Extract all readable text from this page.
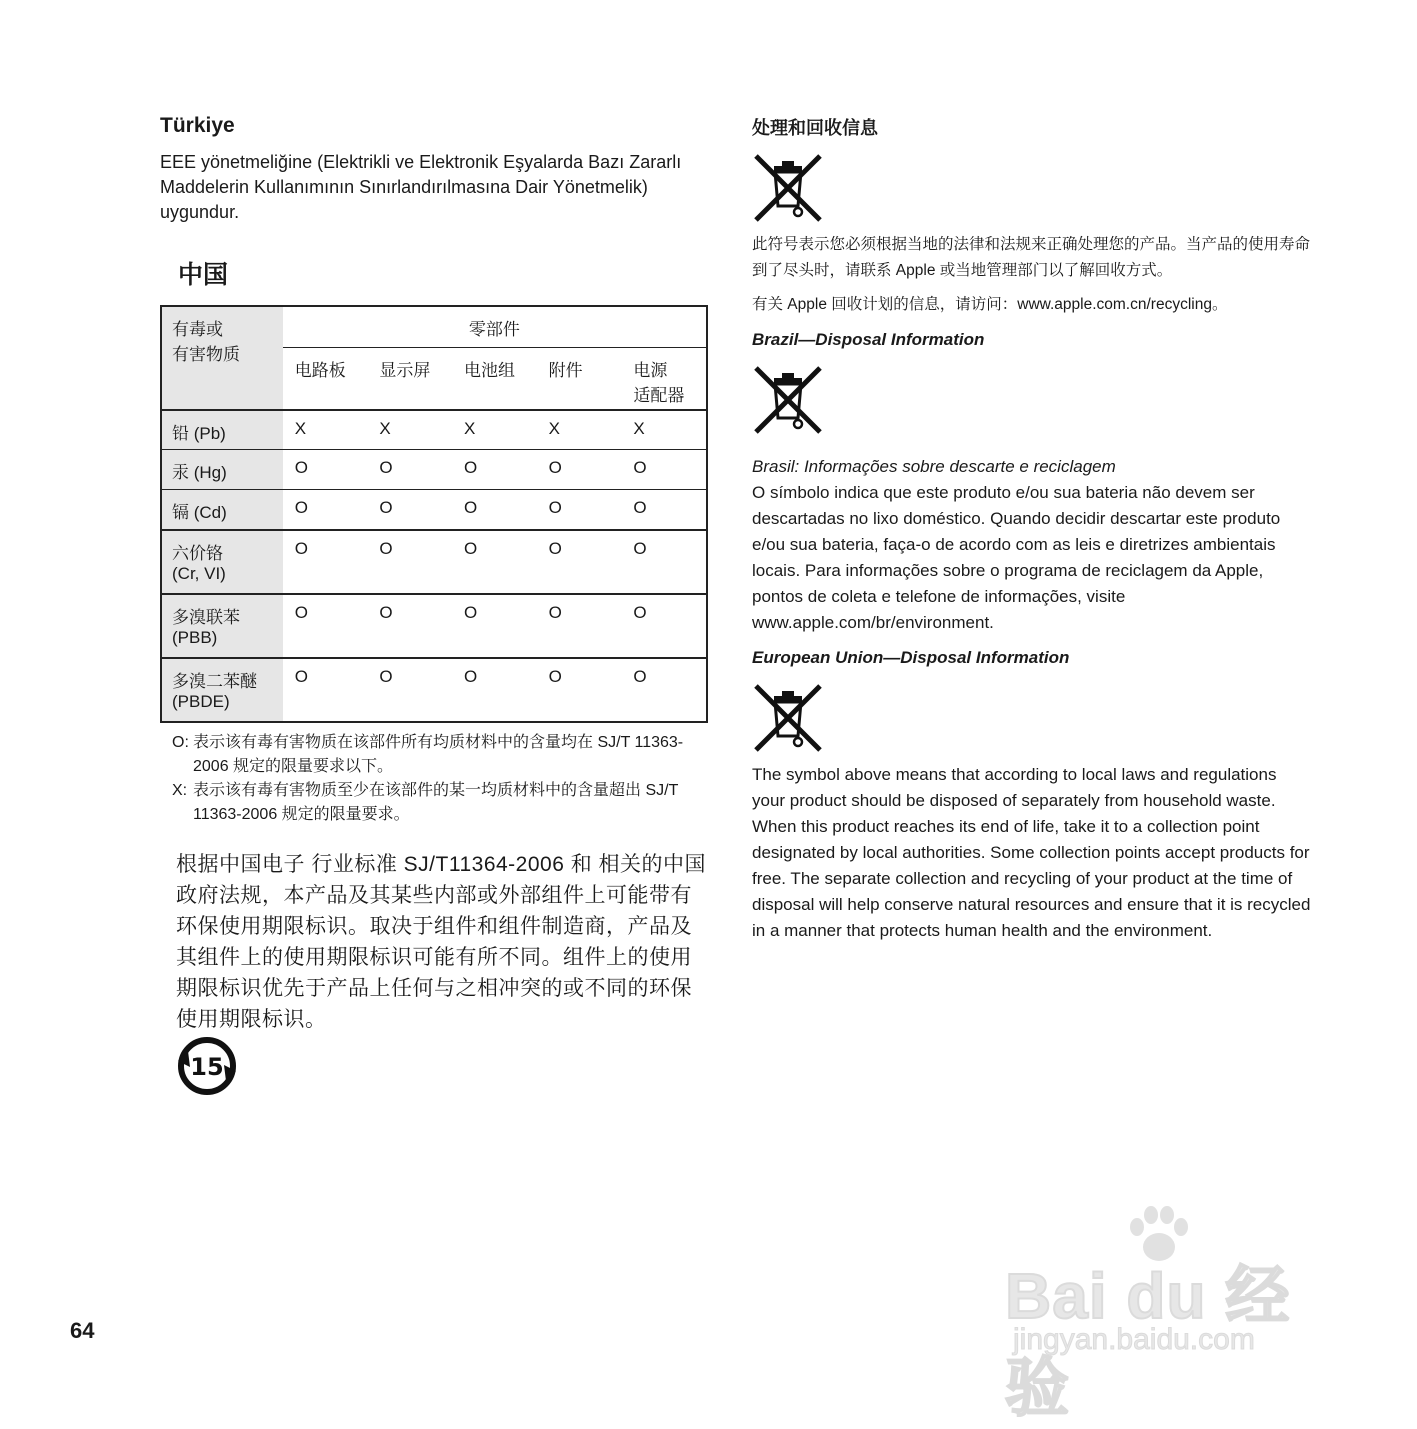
Türkiye

EEE yönetmeliğine (Elektrikli ve Elektronik Eşyalarda Bazı Zararlı Maddelerin Kullanımının Sınırlandırılmasına Dair Yönetmelik) uygundur.

中国
有毒或
有害物质	零部件				
	电路板	显示屏	电池组	附件	电源
适配器
铅 (Pb)	X	X	X	X	X
汞 (Hg)	O	O	O	O	O
镉 (Cd)	O	O	O	O	O
六价铬
(Cr, VI)	O	O	O	O	O
多溴联苯
(PBB)	O	O	O	O	O
多溴二苯醚
(PBDE)	O	O	O	O	O
O: 表示该有毒有害物质在该部件所有均质材料中的含量均在 SJ/T 11363-2006 规定的限量要求以下。
X: 表示该有毒有害物质至少在该部件的某一均质材料中的含量超出 SJ/T 11363-2006 规定的限量要求。

根据中国电子 行业标准 SJ/T11364-2006 和 相关的中国政府法规，本产品及其某些内部或外部组件上可能带有环保使用期限标识。取决于组件和组件制造商，产品及其组件上的使用期限标识可能有所不同。组件上的使用期限标识优先于产品上任何与之相冲突的或不同的环保使用期限标识。

15
处理和回收信息

此符号表示您必须根据当地的法律和法规来正确处理您的产品。当产品的使用寿命到了尽头时，请联系 Apple 或当地管理部门以了解回收方式。

有关 Apple 回收计划的信息，请访问：www.apple.com.cn/recycling。

Brazil—Disposal Information

Brasil: Informações sobre descarte e reciclagem

O símbolo indica que este produto e/ou sua bateria não devem ser descartadas no lixo doméstico. Quando decidir descartar este produto e/ou sua bateria, faça-o de acordo com as leis e diretrizes ambientais locais. Para informações sobre o programa de reciclagem da Apple, pontos de coleta e telefone de informações, visite www.apple.com/br/environment.

European Union—Disposal Information

The symbol above means that according to local laws and regulations your product should be disposed of separately from household waste. When this product reaches its end of life, take it to a collection point designated by local authorities. Some collection points accept products for free. The separate collection and recycling of your product at the time of disposal will help conserve natural resources and ensure that it is recycled in a manner that protects human health and the environment.

64	Bai du 经验
jingyan.baidu.com
